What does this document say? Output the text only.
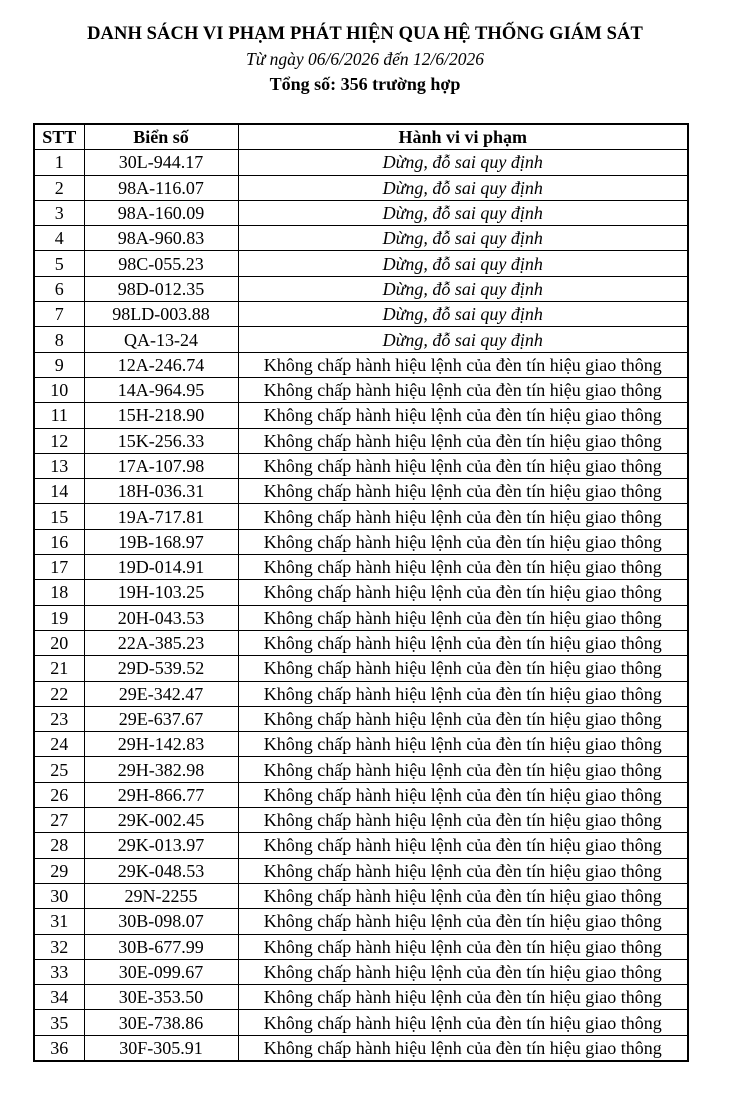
DANH SÁCH VI PHẠM PHÁT HIỆN QUA HỆ THỐNG GIÁM SÁT
Từ ngày 06/6/2026 đến 12/6/2026
Tổng số: 356 trường hợp
STT	Biển số	Hành vi vi phạm
1	30L-944.17	Dừng, đỗ sai quy định
2	98A-116.07	Dừng, đỗ sai quy định
3	98A-160.09	Dừng, đỗ sai quy định
4	98A-960.83	Dừng, đỗ sai quy định
5	98C-055.23	Dừng, đỗ sai quy định
6	98D-012.35	Dừng, đỗ sai quy định
7	98LD-003.88	Dừng, đỗ sai quy định
8	QA-13-24	Dừng, đỗ sai quy định
9	12A-246.74	Không chấp hành hiệu lệnh của đèn tín hiệu giao thông
10	14A-964.95	Không chấp hành hiệu lệnh của đèn tín hiệu giao thông
11	15H-218.90	Không chấp hành hiệu lệnh của đèn tín hiệu giao thông
12	15K-256.33	Không chấp hành hiệu lệnh của đèn tín hiệu giao thông
13	17A-107.98	Không chấp hành hiệu lệnh của đèn tín hiệu giao thông
14	18H-036.31	Không chấp hành hiệu lệnh của đèn tín hiệu giao thông
15	19A-717.81	Không chấp hành hiệu lệnh của đèn tín hiệu giao thông
16	19B-168.97	Không chấp hành hiệu lệnh của đèn tín hiệu giao thông
17	19D-014.91	Không chấp hành hiệu lệnh của đèn tín hiệu giao thông
18	19H-103.25	Không chấp hành hiệu lệnh của đèn tín hiệu giao thông
19	20H-043.53	Không chấp hành hiệu lệnh của đèn tín hiệu giao thông
20	22A-385.23	Không chấp hành hiệu lệnh của đèn tín hiệu giao thông
21	29D-539.52	Không chấp hành hiệu lệnh của đèn tín hiệu giao thông
22	29E-342.47	Không chấp hành hiệu lệnh của đèn tín hiệu giao thông
23	29E-637.67	Không chấp hành hiệu lệnh của đèn tín hiệu giao thông
24	29H-142.83	Không chấp hành hiệu lệnh của đèn tín hiệu giao thông
25	29H-382.98	Không chấp hành hiệu lệnh của đèn tín hiệu giao thông
26	29H-866.77	Không chấp hành hiệu lệnh của đèn tín hiệu giao thông
27	29K-002.45	Không chấp hành hiệu lệnh của đèn tín hiệu giao thông
28	29K-013.97	Không chấp hành hiệu lệnh của đèn tín hiệu giao thông
29	29K-048.53	Không chấp hành hiệu lệnh của đèn tín hiệu giao thông
30	29N-2255	Không chấp hành hiệu lệnh của đèn tín hiệu giao thông
31	30B-098.07	Không chấp hành hiệu lệnh của đèn tín hiệu giao thông
32	30B-677.99	Không chấp hành hiệu lệnh của đèn tín hiệu giao thông
33	30E-099.67	Không chấp hành hiệu lệnh của đèn tín hiệu giao thông
34	30E-353.50	Không chấp hành hiệu lệnh của đèn tín hiệu giao thông
35	30E-738.86	Không chấp hành hiệu lệnh của đèn tín hiệu giao thông
36	30F-305.91	Không chấp hành hiệu lệnh của đèn tín hiệu giao thông
